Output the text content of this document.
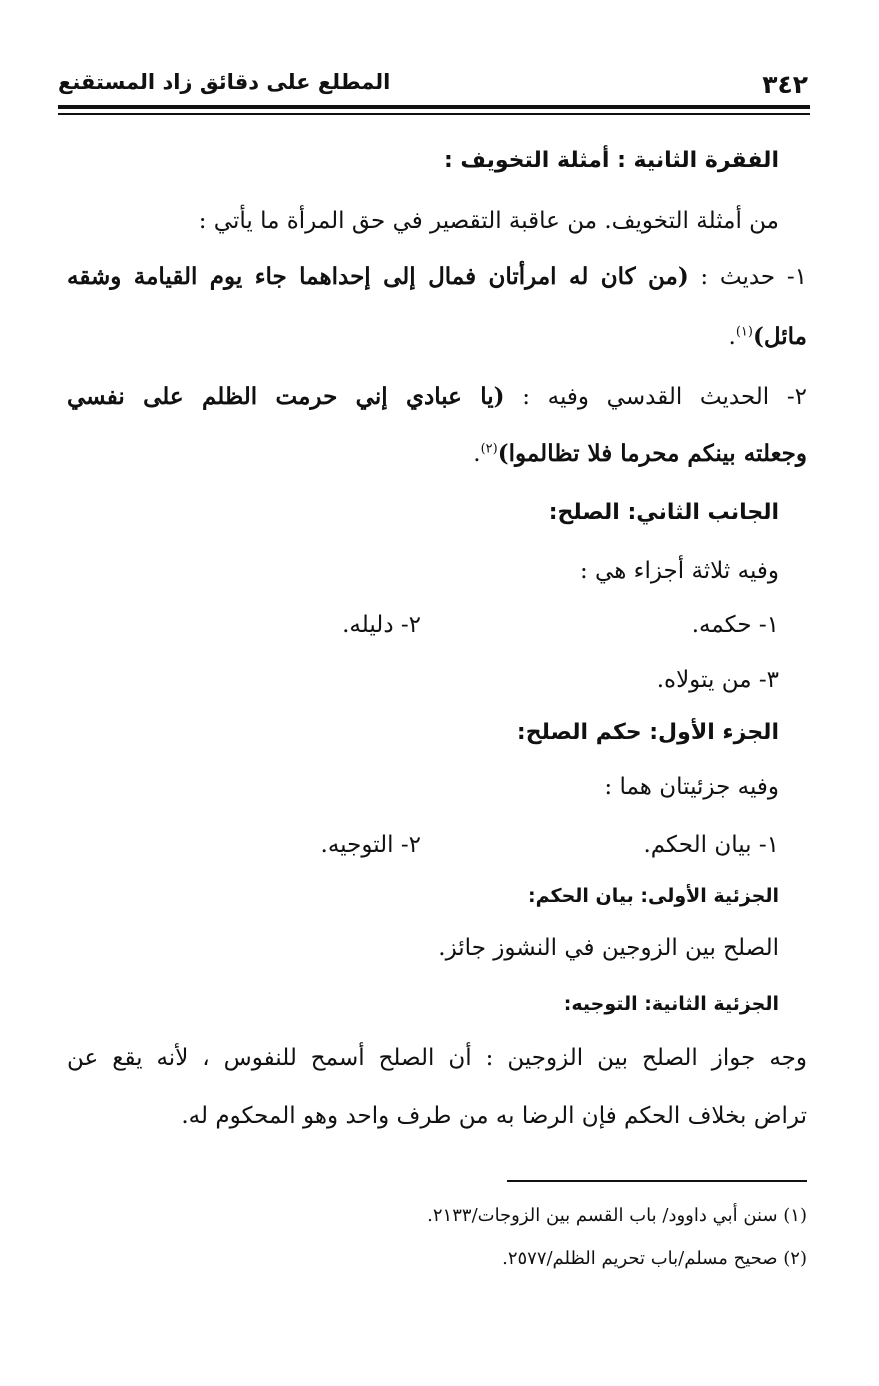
٣٤٢
المطلع على دقائق زاد المستقنع
الفقرة الثانية : أمثلة التخويف :
من أمثلة التخويف. من عاقبة التقصير في حق المرأة ما يأتي :
١- حديث : (من كان له امرأتان فمال إلى إحداهما جاء يوم القيامة وشقه
مائل)$^{(١)}$.
٢- الحديث القدسي وفيه : (يا عبادي إني حرمت الظلم على نفسي
وجعلته بينكم محرما فلا تظالموا)$^{(٢)}$.
الجانب الثاني: الصلح:
وفيه ثلاثة أجزاء هي :
١- حكمه.
٢- دليله.
٣- من يتولاه.
الجزء الأول: حكم الصلح:
وفيه جزئيتان هما :
١- بيان الحكم.
٢- التوجيه.
الجزئية الأولى: بيان الحكم:
الصلح بين الزوجين في النشوز جائز.
الجزئية الثانية: التوجيه:
وجه جواز الصلح بين الزوجين : أن الصلح أسمح للنفوس ، لأنه يقع عن
تراض بخلاف الحكم فإن الرضا به من طرف واحد وهو المحكوم له.
(١) سنن أبي داوود/ باب القسم بين الزوجات/٢١٣٣.
(٢) صحيح مسلم/باب تحريم الظلم/٢٥٧٧.
